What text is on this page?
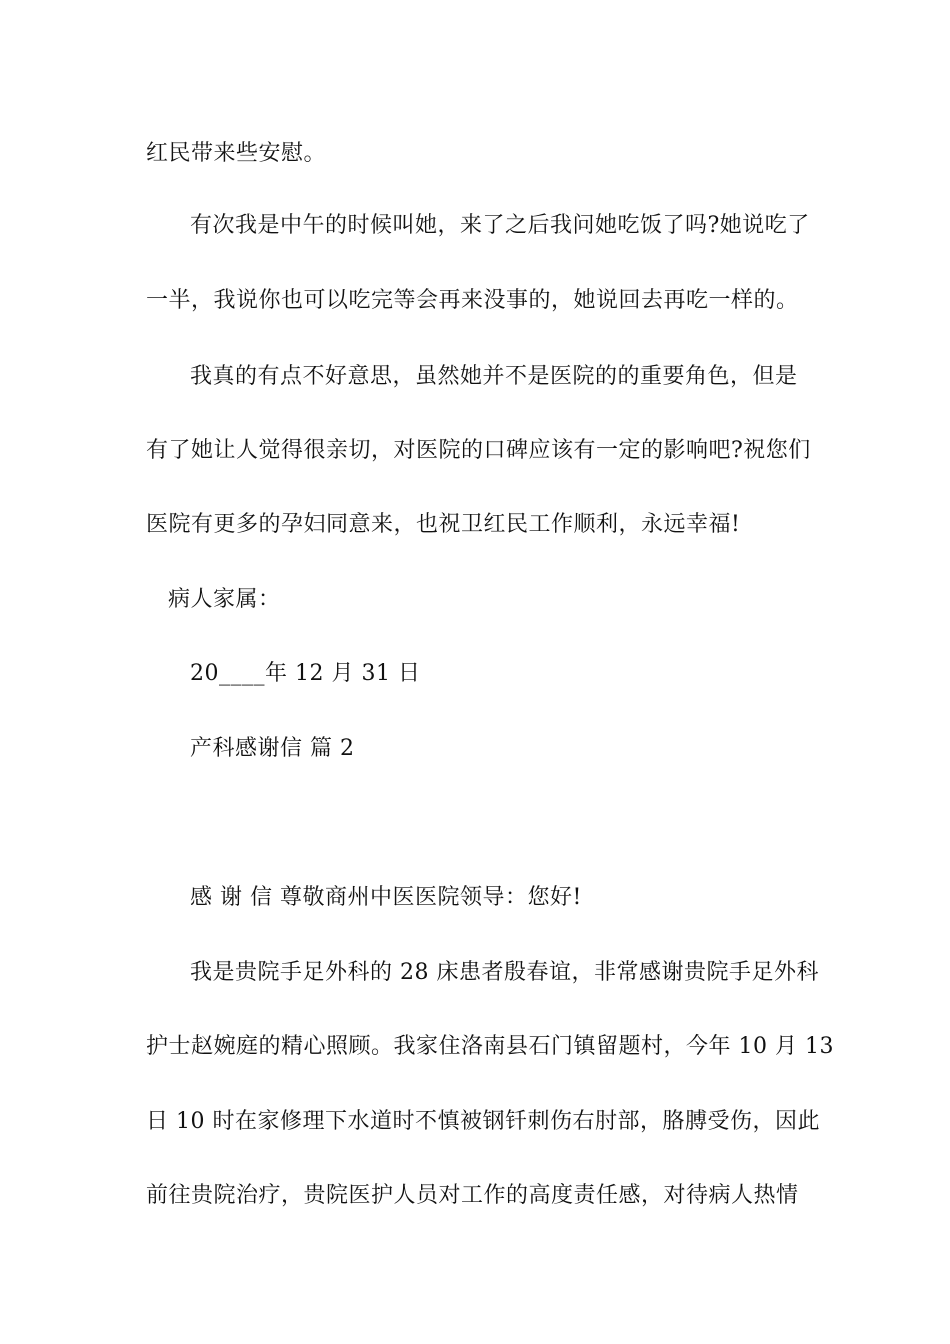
红民带来些安慰。
有次我是中午的时候叫她，来了之后我问她吃饭了吗?她说吃了
一半，我说你也可以吃完等会再来没事的，她说回去再吃一样的。
我真的有点不好意思，虽然她并不是医院的的重要角色，但是
有了她让人觉得很亲切，对医院的口碑应该有一定的影响吧?祝您们
医院有更多的孕妇同意来，也祝卫红民工作顺利，永远幸福!
病人家属：
20____年 12 月 31 日
产科感谢信 篇 2
感 谢 信 尊敬商州中医医院领导：您好!
我是贵院手足外科的 28 床患者殷春谊，非常感谢贵院手足外科
护士赵婉庭的精心照顾。我家住洛南县石门镇留题村，今年 10 月 13
日 10 时在家修理下水道时不慎被钢钎刺伤右肘部，胳膊受伤，因此
前往贵院治疗，贵院医护人员对工作的高度责任感，对待病人热情
